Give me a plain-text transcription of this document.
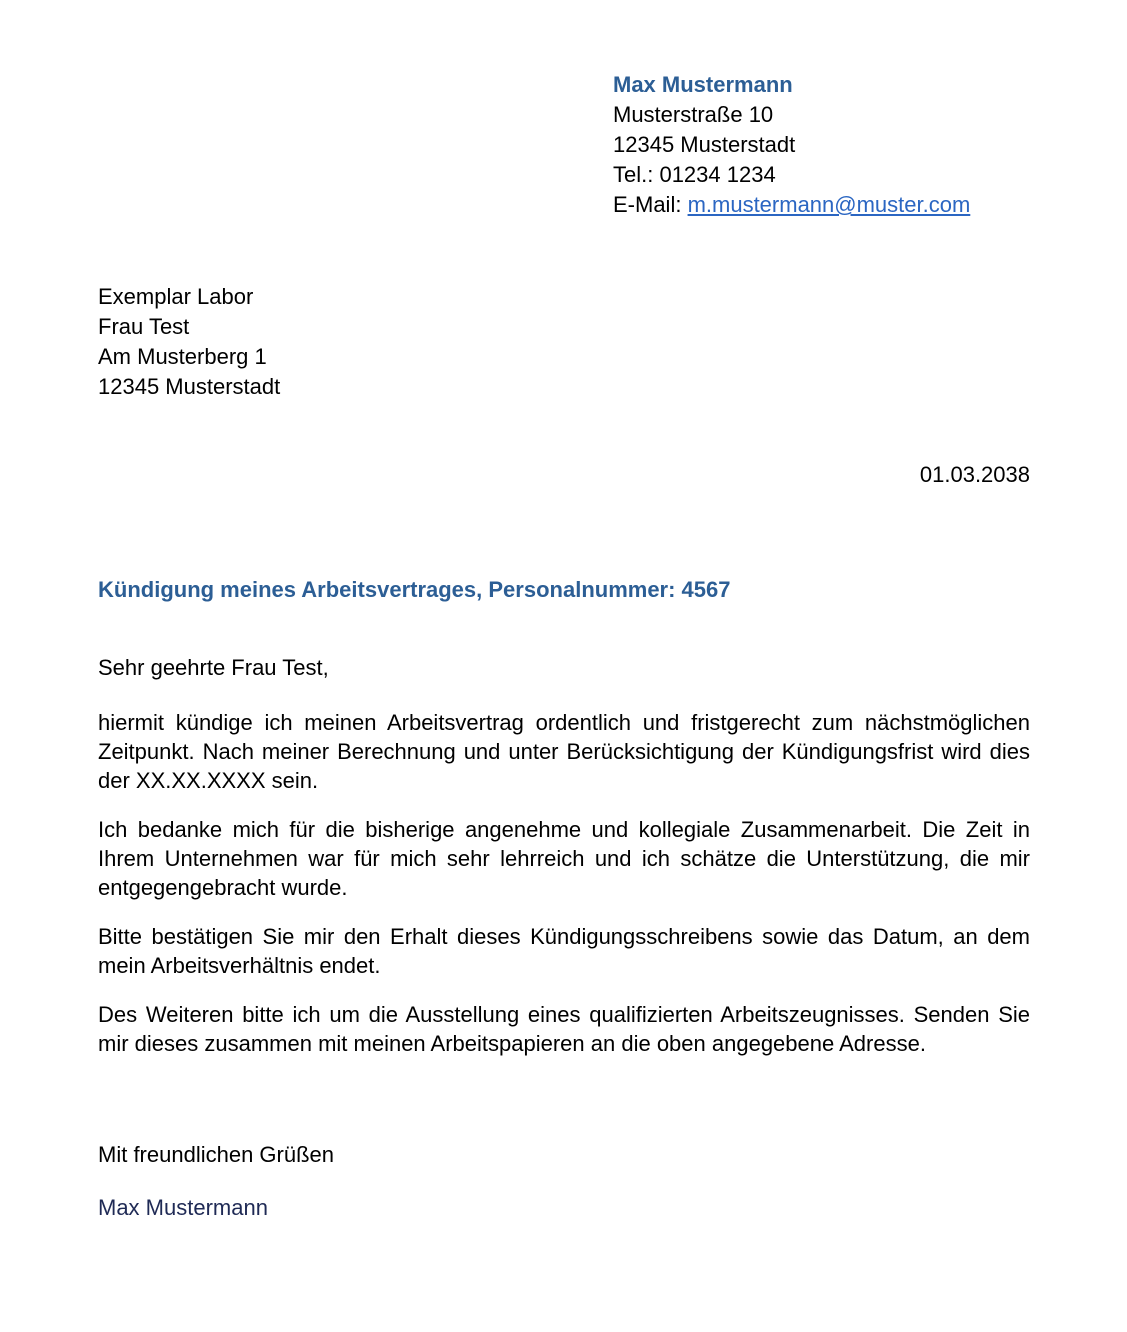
Max Mustermann
Musterstraße 10
12345 Musterstadt
Tel.: 01234 1234
E-Mail: m.mustermann@muster.com
Exemplar Labor
Frau Test
Am Musterberg 1
12345 Musterstadt
01.03.2038
Kündigung meines Arbeitsvertrages, Personalnummer: 4567
Sehr geehrte Frau Test,

hiermit kündige ich meinen Arbeitsvertrag ordentlich und fristgerecht zum nächstmöglichen Zeitpunkt. Nach meiner Berechnung und unter Berücksichtigung der Kündigungsfrist wird dies der XX.XX.XXXX sein.

Ich bedanke mich für die bisherige angenehme und kollegiale Zusammenarbeit. Die Zeit in Ihrem Unternehmen war für mich sehr lehrreich und ich schätze die Unterstützung, die mir entgegengebracht wurde.

Bitte bestätigen Sie mir den Erhalt dieses Kündigungsschreibens sowie das Datum, an dem mein Arbeitsverhältnis endet.

Des Weiteren bitte ich um die Ausstellung eines qualifizierten Arbeitszeugnisses. Senden Sie mir dieses zusammen mit meinen Arbeitspapieren an die oben angegebene Adresse.

Mit freundlichen Grüßen
Max Mustermann
